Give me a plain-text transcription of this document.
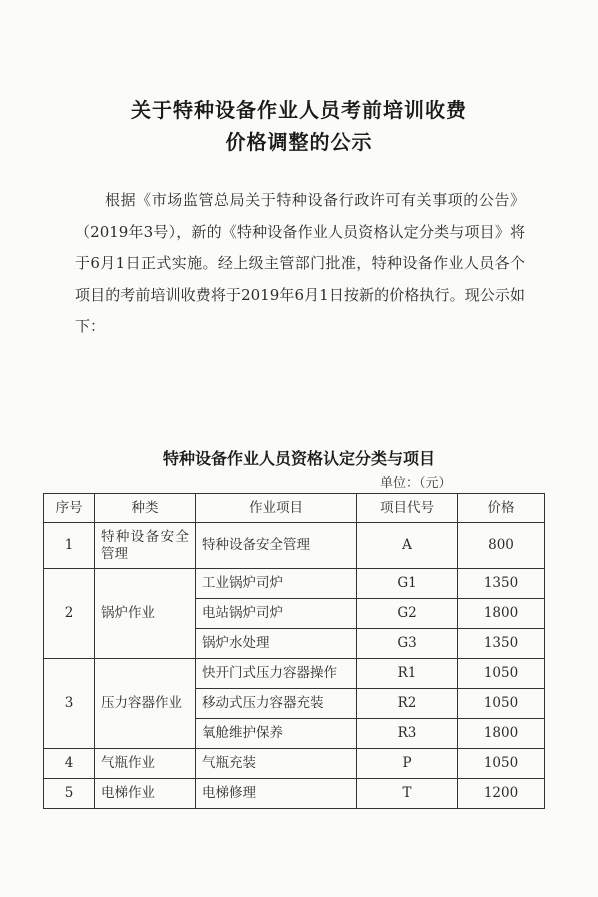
关于特种设备作业人员考前培训收费
价格调整的公示
根据《市场监管总局关于特种设备行政许可有关事项的公告》（2019年3号），新的《特种设备作业人员资格认定分类与项目》将于6月1日正式实施。经上级主管部门批准，特种设备作业人员各个项目的考前培训收费将于2019年6月1日按新的价格执行。现公示如下：
特种设备作业人员资格认定分类与项目
单位：（元）
序号	种类	作业项目	项目代号	价格
1	特种设备安全管理	特种设备安全管理	A	800
2	锅炉作业	工业锅炉司炉	G1	1350
		电站锅炉司炉	G2	1800
		锅炉水处理	G3	1350
3	压力容器作业	快开门式压力容器操作	R1	1050
		移动式压力容器充装	R2	1050
		氧舱维护保养	R3	1800
4	气瓶作业	气瓶充装	P	1050
5	电梯作业	电梯修理	T	1200
